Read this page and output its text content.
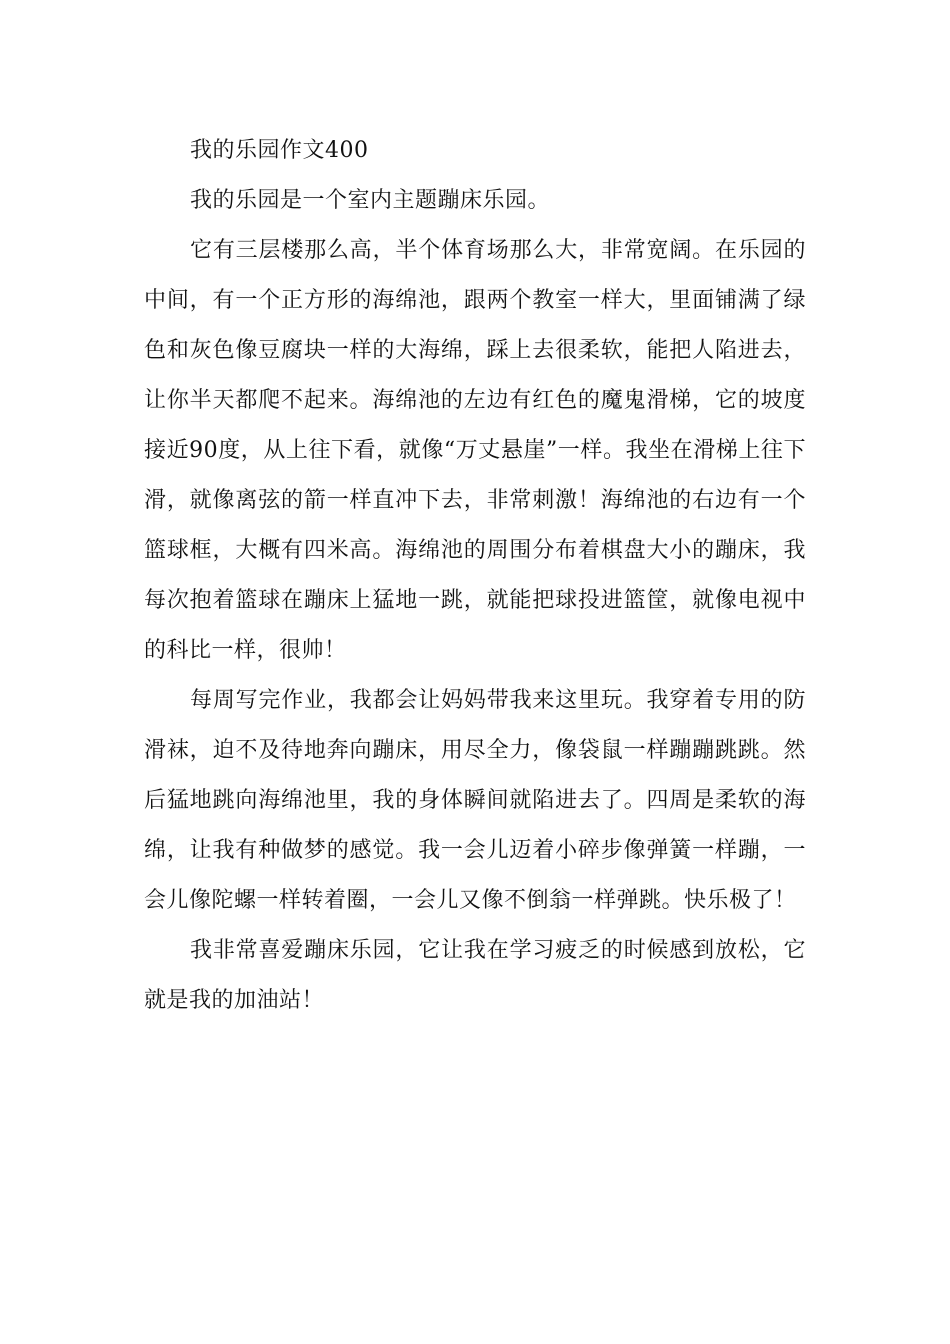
我的乐园作文400

我的乐园是一个室内主题蹦床乐园。

它有三层楼那么高，半个体育场那么大，非常宽阔。在乐园的中间，有一个正方形的海绵池，跟两个教室一样大，里面铺满了绿色和灰色像豆腐块一样的大海绵，踩上去很柔软，能把人陷进去，让你半天都爬不起来。海绵池的左边有红色的魔鬼滑梯，它的坡度接近90度，从上往下看，就像“万丈悬崖”一样。我坐在滑梯上往下滑，就像离弦的箭一样直冲下去，非常刺激！海绵池的右边有一个篮球框，大概有四米高。海绵池的周围分布着棋盘大小的蹦床，我每次抱着篮球在蹦床上猛地一跳，就能把球投进篮筐，就像电视中的科比一样，很帅！

每周写完作业，我都会让妈妈带我来这里玩。我穿着专用的防滑袜，迫不及待地奔向蹦床，用尽全力，像袋鼠一样蹦蹦跳跳。然后猛地跳向海绵池里，我的身体瞬间就陷进去了。四周是柔软的海绵，让我有种做梦的感觉。我一会儿迈着小碎步像弹簧一样蹦，一会儿像陀螺一样转着圈，一会儿又像不倒翁一样弹跳。快乐极了！

我非常喜爱蹦床乐园，它让我在学习疲乏的时候感到放松，它就是我的加油站！
